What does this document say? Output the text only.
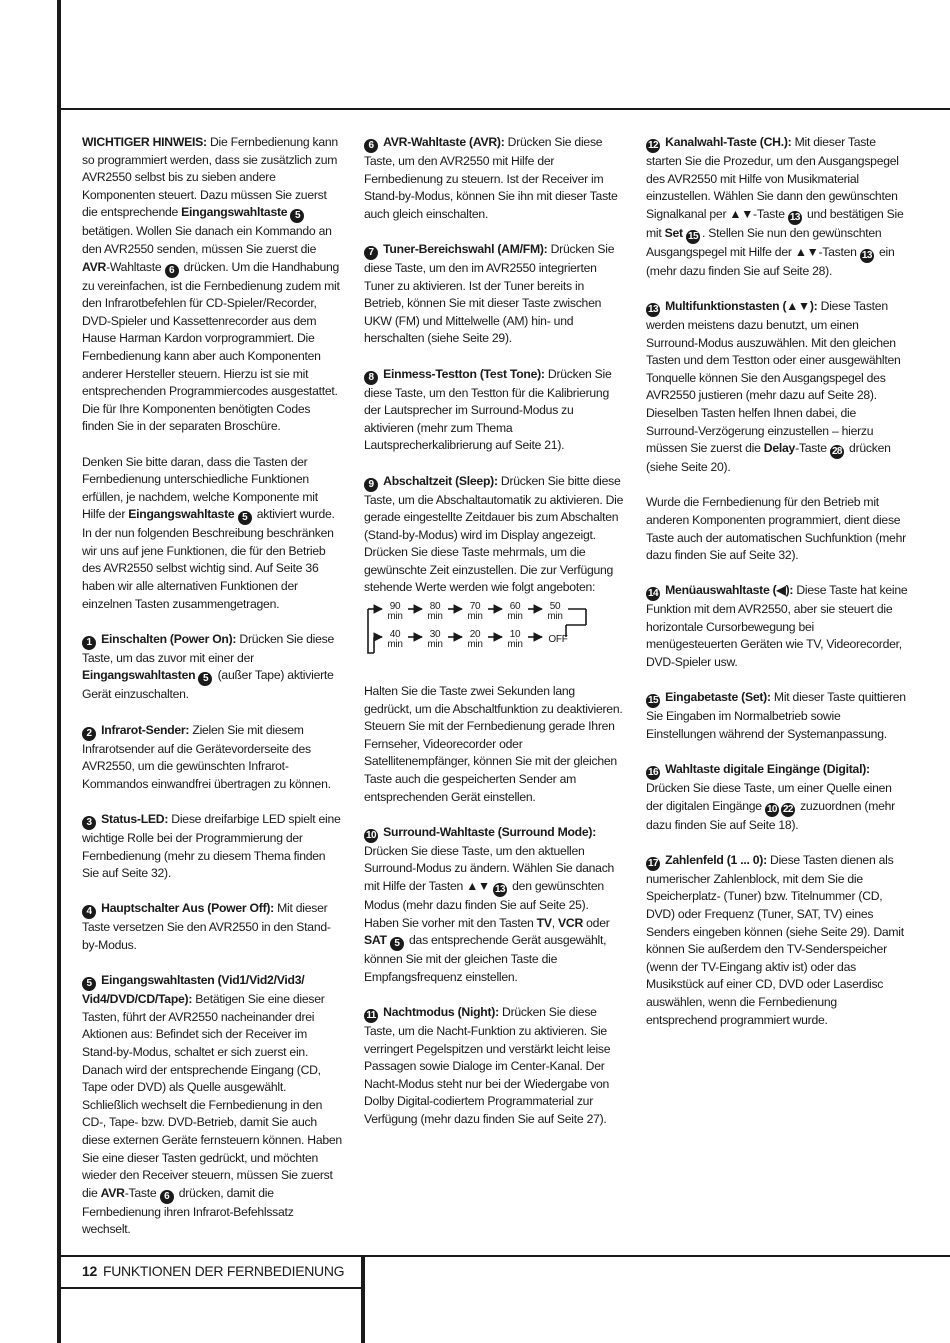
WICHTIGER HINWEIS: Die Fernbedienung kann so programmiert werden, dass sie zusätzlich zum AVR2550 selbst bis zu sieben andere Komponenten steuert. Dazu müssen Sie zuerst die entsprechende Eingangswahltaste 5 betätigen. Wollen Sie danach ein Kommando an den AVR2550 senden, müssen Sie zuerst die AVR-Wahltaste 6 drücken. Um die Handhabung zu vereinfachen, ist die Fernbedienung zudem mit den Infrarotbefehlen für CD-Spieler/Recorder, DVD-Spieler und Kassettenrecorder aus dem Hause Harman Kardon vorprogrammiert. Die Fernbedienung kann aber auch Komponenten anderer Hersteller steuern. Hierzu ist sie mit entsprechenden Programmiercodes ausgestattet. Die für Ihre Komponenten benötigten Codes finden Sie in der separaten Broschüre.

Denken Sie bitte daran, dass die Tasten der Fernbedienung unterschiedliche Funktionen erfüllen, je nachdem, welche Komponente mit Hilfe der Eingangswahltaste 5 aktiviert wurde. In der nun folgenden Beschreibung beschränken wir uns auf jene Funktionen, die für den Betrieb des AVR2550 selbst wichtig sind. Auf Seite 36 haben wir alle alternativen Funktionen der einzelnen Tasten zusammengetragen.

1 Einschalten (Power On): Drücken Sie diese Taste, um das zuvor mit einer der Eingangswahltasten 5 (außer Tape) aktivierte Gerät einzuschalten.

2 Infrarot-Sender: Zielen Sie mit diesem Infrarotsender auf die Gerätevorderseite des AVR2550, um die gewünschten Infrarot-Kommandos einwandfrei übertragen zu können.

3 Status-LED: Diese dreifarbige LED spielt eine wichtige Rolle bei der Programmierung der Fernbedienung (mehr zu diesem Thema finden Sie auf Seite 32).

4 Hauptschalter Aus (Power Off): Mit dieser Taste versetzen Sie den AVR2550 in den Stand-by-Modus.

5 Eingangswahltasten (Vid1/Vid2/Vid3/ Vid4/DVD/CD/Tape): Betätigen Sie eine dieser Tasten, führt der AVR2550 nacheinander drei Aktionen aus: Befindet sich der Receiver im Stand-by-Modus, schaltet er sich zuerst ein. Danach wird der entsprechende Eingang (CD, Tape oder DVD) als Quelle ausgewählt. Schließlich wechselt die Fernbedienung in den CD-, Tape- bzw. DVD-Betrieb, damit Sie auch diese externen Geräte fernsteuern können. Haben Sie eine dieser Tasten gedrückt, und möchten wieder den Receiver steuern, müssen Sie zuerst die AVR-Taste 6 drücken, damit die Fernbedienung ihren Infrarot-Befehlssatz wechselt.

6 AVR-Wahltaste (AVR): Drücken Sie diese Taste, um den AVR2550 mit Hilfe der Fernbedienung zu steuern. Ist der Receiver im Stand-by-Modus, können Sie ihn mit dieser Taste auch gleich einschalten.

7 Tuner-Bereichswahl (AM/FM): Drücken Sie diese Taste, um den im AVR2550 integrierten Tuner zu aktivieren. Ist der Tuner bereits in Betrieb, können Sie mit dieser Taste zwischen UKW (FM) und Mittelwelle (AM) hin- und herschalten (siehe Seite 29).

8 Einmess-Testton (Test Tone): Drücken Sie diese Taste, um den Testton für die Kalibrierung der Lautsprecher im Surround-Modus zu aktivieren (mehr zum Thema Lautsprecherkalibrierung auf Seite 21).

9 Abschaltzeit (Sleep): Drücken Sie bitte diese Taste, um die Abschaltautomatik zu aktivieren. Die gerade eingestellte Zeitdauer bis zum Abschalten (Stand-by-Modus) wird im Display angezeigt. Drücken Sie diese Taste mehrmals, um die gewünschte Zeit einzustellen. Die zur Verfügung stehende Werte werden wie folgt angeboten:

90
min
80
min
70
min
60
min
50
min
40
min
30
min
20
min
10
min	OFF

Halten Sie die Taste zwei Sekunden lang gedrückt, um die Abschaltfunktion zu deaktivieren. Steuern Sie mit der Fernbedienung gerade Ihren Fernseher, Videorecorder oder Satellitenempfänger, können Sie mit der gleichen Taste auch die gespeicherten Sender am entsprechenden Gerät einstellen.

10 Surround-Wahltaste (Surround Mode): Drücken Sie diese Taste, um den aktuellen Surround-Modus zu ändern. Wählen Sie danach mit Hilfe der Tasten ▲▼ 13 den gewünschten Modus (mehr dazu finden Sie auf Seite 25). Haben Sie vorher mit den Tasten TV, VCR oder SAT 5 das entsprechende Gerät ausgewählt, können Sie mit der gleichen Taste die Empfangsfrequenz einstellen.

11 Nachtmodus (Night): Drücken Sie diese Taste, um die Nacht-Funktion zu aktivieren. Sie verringert Pegelspitzen und verstärkt leicht leise Passagen sowie Dialoge im Center-Kanal. Der Nacht-Modus steht nur bei der Wiedergabe von Dolby Digital-codiertem Programmaterial zur Verfügung (mehr dazu finden Sie auf Seite 27).

12 Kanalwahl-Taste (CH.): Mit dieser Taste starten Sie die Prozedur, um den Ausgangspegel des AVR2550 mit Hilfe von Musikmaterial einzustellen. Wählen Sie dann den gewünschten Signalkanal per ▲▼-Taste 13 und bestätigen Sie mit Set 15 . Stellen Sie nun den gewünschten Ausgangspegel mit Hilfe der ▲▼-Tasten 13 ein (mehr dazu finden Sie auf Seite 28).

13 Multifunktionstasten (▲▼): Diese Tasten werden meistens dazu benutzt, um einen Surround-Modus auszuwählen. Mit den gleichen Tasten und dem Testton oder einer ausgewählten Tonquelle können Sie den Ausgangspegel des AVR2550 justieren (mehr dazu auf Seite 28). Dieselben Tasten helfen Ihnen dabei, die Surround-Verzögerung einzustellen – hierzu müssen Sie zuerst die Delay-Taste 28 drücken (siehe Seite 20).

Wurde die Fernbedienung für den Betrieb mit anderen Komponenten programmiert, dient diese Taste auch der automatischen Suchfunktion (mehr dazu finden Sie auf Seite 32).

14 Menüauswahltaste (◀): Diese Taste hat keine Funktion mit dem AVR2550, aber sie steuert die horizontale Cursorbewegung bei menügesteuerten Geräten wie TV, Videorecorder, DVD-Spieler usw.

15 Eingabetaste (Set): Mit dieser Taste quittieren Sie Eingaben im Normalbetrieb sowie Einstellungen während der Systemanpassung.

16 Wahltaste digitale Eingänge (Digital): Drücken Sie diese Taste, um einer Quelle einen der digitalen Eingänge 10 22 zuzuordnen (mehr dazu finden Sie auf Seite 18).

17 Zahlenfeld (1 ... 0): Diese Tasten dienen als numerischer Zahlenblock, mit dem Sie die Speicherplatz- (Tuner) bzw. Titelnummer (CD, DVD) oder Frequenz (Tuner, SAT, TV) eines Senders eingeben können (siehe Seite 29). Damit können Sie außerdem den TV-Senderspeicher (wenn der TV-Eingang aktiv ist) oder das Musikstück auf einer CD, DVD oder Laserdisc auswählen, wenn die Fernbedienung entsprechend programmiert wurde.

12 FUNKTIONEN DER FERNBEDIENUNG
